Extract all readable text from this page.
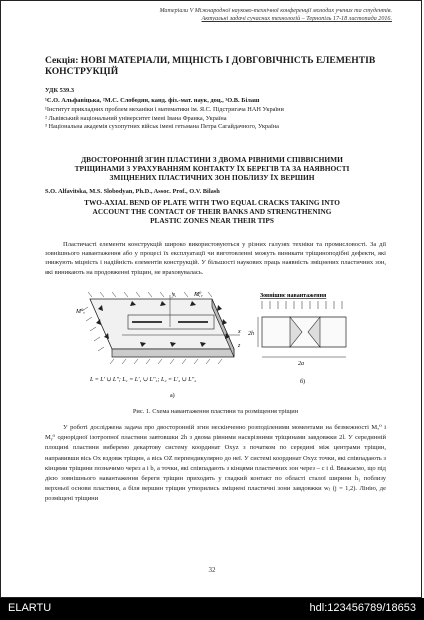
Матеріали V Міжнародної науково-технічної конференції молодих учених та студентів.
Актуальні задачі сучасних технологій – Тернопіль 17-18 листопада 2016.
Секція: НОВІ МАТЕРІАЛИ, МІЦНІСТЬ І ДОВГОВІЧНІСТЬ ЕЛЕМЕНТІВ КОНСТРУКЦІЙ
УДК 539.3
¹С.О. Альфавіцька, ²М.С. Слободян, канд. фіз.-мат. наук, доц., ³О.В. Білаш
¹Інститут прикладних проблем механіки і математики ім. Я.С. Підстригача НАН України
² Львівський національний університет імені Івана Франка, Україна
³ Національна академія сухопутних військ імені гетьмана Петра Сагайдачного, Україна
ДВОСТОРОННІЙ ЗГИН ПЛАСТИНИ З ДВОМА РІВНИМИ СПІВВІСНИМИ ТРІЩИНАМИ З УРАХУВАННЯМ КОНТАКТУ ЇХ БЕРЕГІВ ТА ЗА НАЯВНОСТІ ЗМІЦНЕНИХ ПЛАСТИЧНИХ ЗОН ПОБЛИЗУ ЇХ ВЕРШИН
S.O. Alfavitska, M.S. Slobodyan, Ph.D., Assoc. Prof., O.V. Bilash
TWO-AXIAL BEND OF PLATE WITH TWO EQUAL CRACKS TAKING INTO ACCOUNT THE CONTACT OF THEIR BANKS AND STRENGTHENING PLASTIC ZONES NEAR THEIR TIPS
Пластичасті елементи конструкцій широко використовуються у різних галузях техніки та промисловості. За дії зовнішнього навантаження або у процесі їх експлуатації чи виготовленні можуть виникати тріщиноподібні дефекти, які знижують міцність і надійність елементів конструкцій. У більшості наукових праць наявність зміцнених пластичних зон, які виникають на продовженні тріщин, не враховувалась.
x
y
z
M⁰ₓ
M⁰ᵧ
L = L' ∪ L''; L₁ = L'₁ ∪ L''₁; L₂ = L'₂ ∪ L''₂
а)
Зовнішнє навантаження
2h
2a
б)
Рис. 1. Схема навантаження пластини та розміщення тріщин
У роботі досліджена задача про двосторонній згин нескінченно розподіленими моментами на безмежності Mₓ⁰ і Mᵧ⁰ однорідної ізотропної пластини завтовшки 2h з двома рівними наскрізними тріщинами завдовжки 2l. У серединній площині пластини виберемо декартову систему координат Oxyz з початком по середині між центрами тріщин, направивши вісь Ox вздовж тріщин, а вісь OZ перпендикулярно до неї. У системі координат Oxyz точки, які співпадають з кінцями тріщини позначимо через a і b, а точки, які співпадають з кінцями пластичних зон через – c і d. Вважаємо, що під дією зовнішнього навантаження береги тріщин приходять у гладкий контакт по області сталої ширини h₁ поблизу верхньої основи пластини, а біля вершин тріщин утворились зміцнені пластичні зони завдовжки wⱼ (j = 1,2). Лінію, де розміщені тріщини
32
ELARTU	hdl:123456789/18653
